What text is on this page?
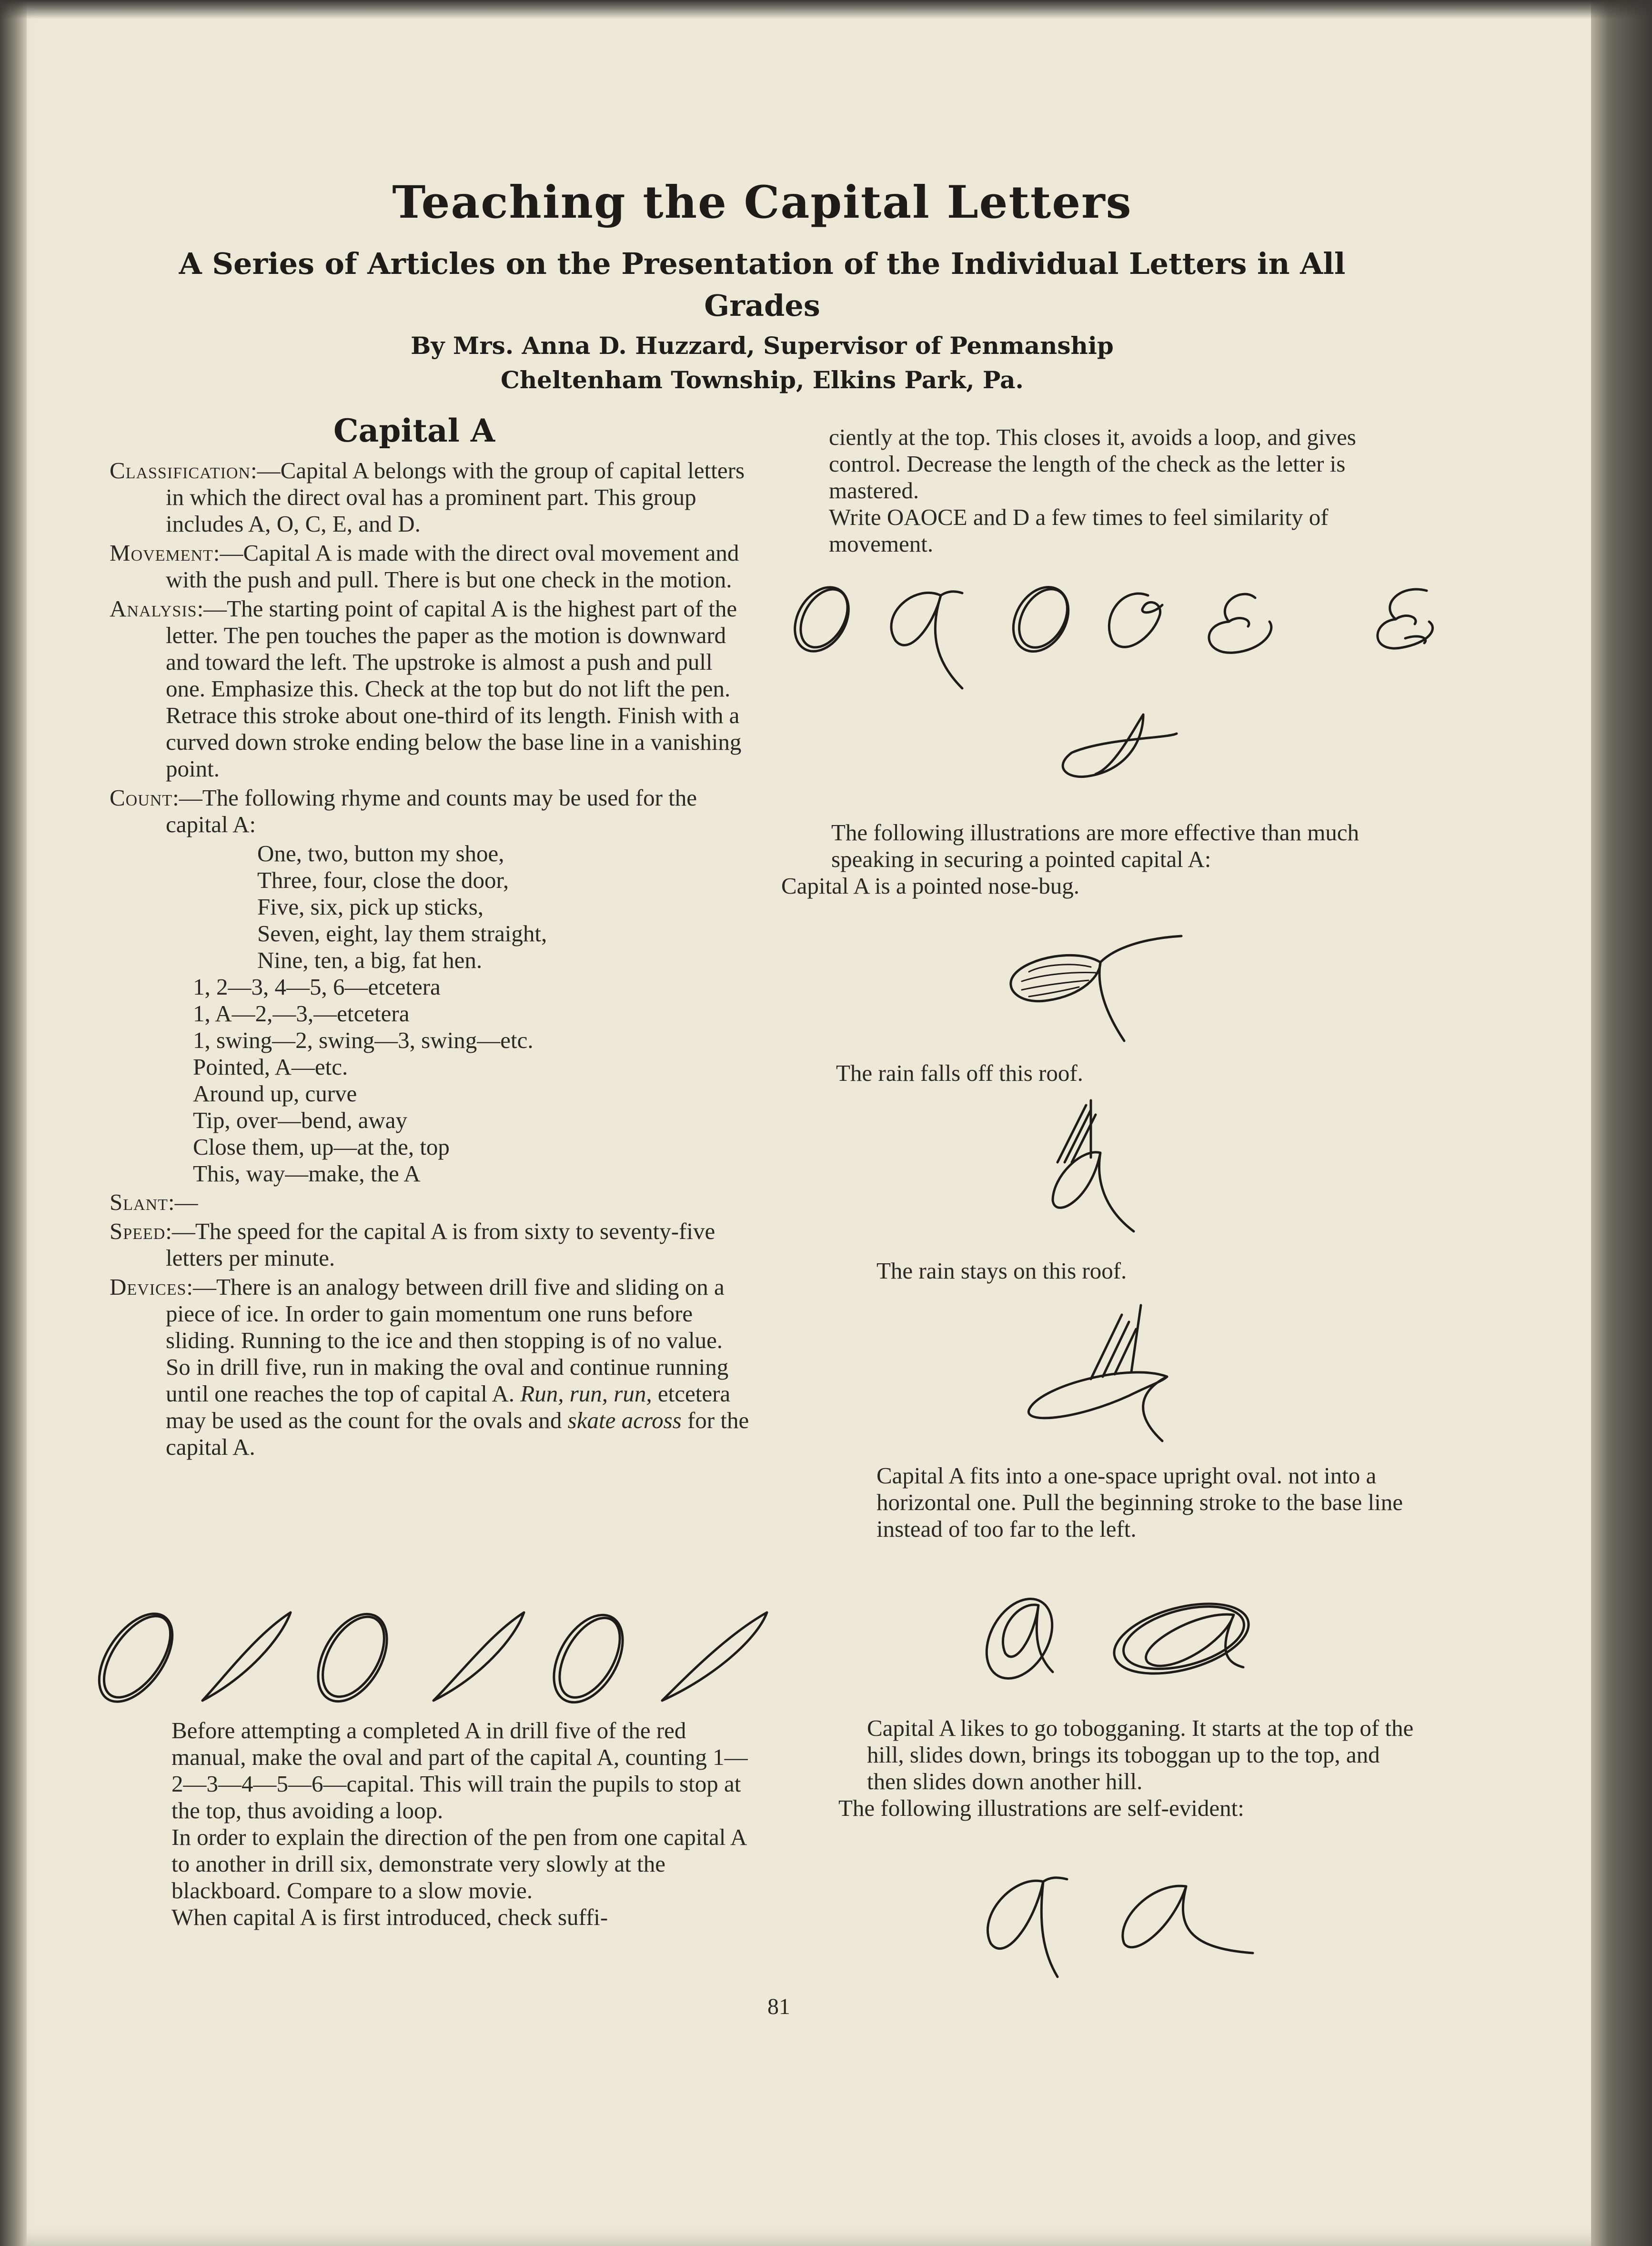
Teaching the Capital Letters

A Series of Articles on the Presentation of the Individual Letters in All Grades

By Mrs. Anna D. Huzzard, Supervisor of Penmanship
Cheltenham Township, Elkins Park, Pa.
Capital A

Classification:—Capital A belongs with the group of capital letters in which the direct oval has a prominent part. This group includes A, O, C, E, and D.

Movement:—Capital A is made with the direct oval movement and with the push and pull. There is but one check in the motion.

Analysis:—The starting point of capital A is the highest part of the letter. The pen touches the paper as the motion is downward and toward the left. The upstroke is almost a push and pull one. Emphasize this. Check at the top but do not lift the pen. Retrace this stroke about one-third of its length. Finish with a curved down stroke ending below the base line in a vanishing point.

Count:—The following rhyme and counts may be used for the capital A:

One, two, button my shoe,

Three, four, close the door,

Five, six, pick up sticks,

Seven, eight, lay them straight,

Nine, ten, a big, fat hen.

1, 2—3, 4—5, 6—etcetera

1, A—2,—3,—etcetera

1, swing—2, swing—3, swing—etc.

Pointed, A—etc.

Around up, curve

Tip, over—bend, away

Close them, up—at the, top

This, way—make, the A

Slant:—

Speed:—The speed for the capital A is from sixty to seventy-five letters per minute.

Devices:—There is an analogy between drill five and sliding on a piece of ice. In order to gain momentum one runs before sliding. Running to the ice and then stopping is of no value. So in drill five, run in making the oval and continue running until one reaches the top of capital A. Run, run, run, etcetera may be used as the count for the ovals and skate across for the capital A.

Before attempting a completed A in drill five of the red manual, make the oval and part of the capital A, counting 1—2—3—4—5—6—capital. This will train the pupils to stop at the top, thus avoiding a loop.

In order to explain the direction of the pen from one capital A to another in drill six, demonstrate very slowly at the blackboard. Compare to a slow movie.

When capital A is first introduced, check suffi-

ciently at the top. This closes it, avoids a loop, and gives control. Decrease the length of the check as the letter is mastered.

Write OAOCE and D a few times to feel similarity of movement.

The following illustrations are more effective than much speaking in securing a pointed capital A:

Capital A is a pointed nose-bug.

The rain falls off this roof.

The rain stays on this roof.

Capital A fits into a one-space upright oval. not into a horizontal one. Pull the beginning stroke to the base line instead of too far to the left.

Capital A likes to go tobogganing. It starts at the top of the hill, slides down, brings its toboggan up to the top, and then slides down another hill.

The following illustrations are self-evident:

81
